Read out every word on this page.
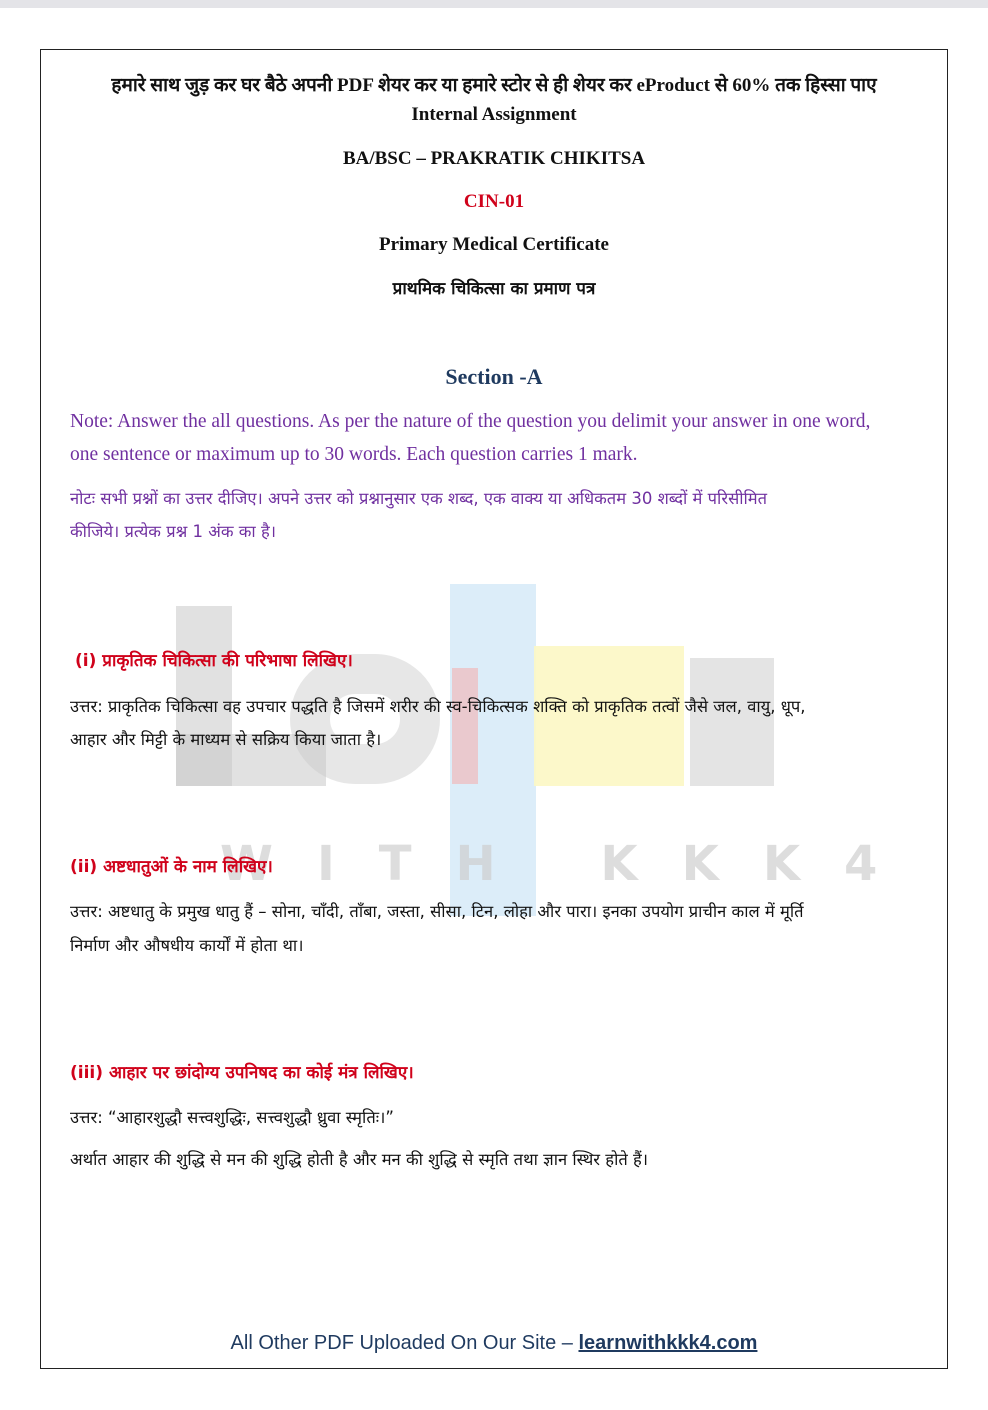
WITH KKK4
हमारे साथ जुड़ कर घर बैठे अपनी PDF शेयर कर या हमारे स्टोर से ही शेयर कर eProduct से 60% तक हिस्सा पाए
Internal Assignment
BA/BSC – PRAKRATIK CHIKITSA
CIN-01
Primary Medical Certificate
प्राथमिक चिकित्सा का प्रमाण पत्र
Section -A
Note: Answer the all questions. As per the nature of the question you delimit your answer in one word,
one sentence or maximum up to 30 words. Each question carries 1 mark.
नोटः सभी प्रश्नों का उत्तर दीजिए। अपने उत्तर को प्रश्नानुसार एक शब्द, एक वाक्य या अधिकतम 30 शब्दों में परिसीमित
कीजिये। प्रत्येक प्रश्न 1 अंक का है।
(i) प्राकृतिक चिकित्सा की परिभाषा लिखिए।
उत्तर: प्राकृतिक चिकित्सा वह उपचार पद्धति है जिसमें शरीर की स्व-चिकित्सक शक्ति को प्राकृतिक तत्वों जैसे जल, वायु, धूप,
आहार और मिट्टी के माध्यम से सक्रिय किया जाता है।
(ii) अष्टधातुओं के नाम लिखिए।
उत्तर: अष्टधातु के प्रमुख धातु हैं – सोना, चाँदी, ताँबा, जस्ता, सीसा, टिन, लोहा और पारा। इनका उपयोग प्राचीन काल में मूर्ति
निर्माण और औषधीय कार्यों में होता था।
(iii) आहार पर छांदोग्य उपनिषद का कोई मंत्र लिखिए।
उत्तर: “आहारशुद्धौ सत्त्वशुद्धिः, सत्त्वशुद्धौ ध्रुवा स्मृतिः।”
अर्थात आहार की शुद्धि से मन की शुद्धि होती है और मन की शुद्धि से स्मृति तथा ज्ञान स्थिर होते हैं।
All Other PDF Uploaded On Our Site – learnwithkkk4.com
